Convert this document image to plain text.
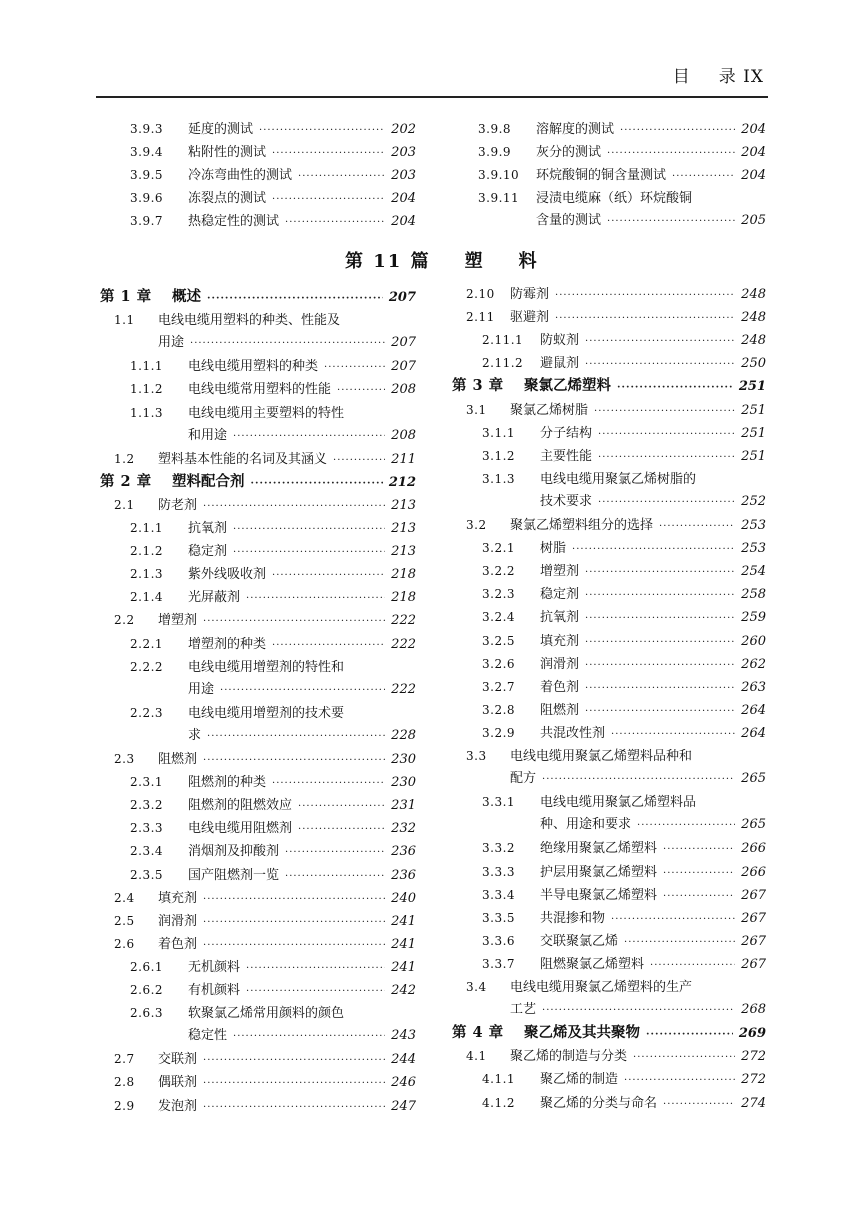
目 录 IX
第 11 篇 塑 料
3.9.3	延度的测试 ·····	202
3.9.4	粘附性的测试 ·····	203
3.9.5	冷冻弯曲性的测试 ·····	203
3.9.6	冻裂点的测试 ·····	204
3.9.7	热稳定性的测试 ·····	204
3.9.8	溶解度的测试 ·····	204
3.9.9	灰分的测试 ·····	204
3.9.10	环烷酸铜的铜含量测试 ·····	204
3.9.11	浸渍电缆麻（纸）环烷酸铜
含量的测试 ·····	205
第 1 章	概述 ·····	207
1.1	电线电缆用塑料的种类、性能及
用途 ·····	207
1.1.1	电线电缆用塑料的种类 ·····	207
1.1.2	电线电缆常用塑料的性能 ·····	208
1.1.3	电线电缆用主要塑料的特性
和用途 ·····	208
1.2	塑料基本性能的名词及其涵义 ·····	211
第 2 章	塑料配合剂 ·····	212
2.1	防老剂 ·····	213
2.1.1	抗氧剂 ·····	213
2.1.2	稳定剂 ·····	213
2.1.3	紫外线吸收剂 ·····	218
2.1.4	光屏蔽剂 ·····	218
2.2	增塑剂 ·····	222
2.2.1	增塑剂的种类 ·····	222
2.2.2	电线电缆用增塑剂的特性和
用途 ·····	222
2.2.3	电线电缆用增塑剂的技术要
求 ·····	228
2.3	阻燃剂 ·····	230
2.3.1	阻燃剂的种类 ·····	230
2.3.2	阻燃剂的阻燃效应 ·····	231
2.3.3	电线电缆用阻燃剂 ·····	232
2.3.4	消烟剂及抑酸剂 ·····	236
2.3.5	国产阻燃剂一览 ·····	236
2.4	填充剂 ·····	240
2.5	润滑剂 ·····	241
2.6	着色剂 ·····	241
2.6.1	无机颜料 ·····	241
2.6.2	有机颜料 ·····	242
2.6.3	软聚氯乙烯常用颜料的颜色
稳定性 ·····	243
2.7	交联剂 ·····	244
2.8	偶联剂 ·····	246
2.9	发泡剂 ·····	247
2.10	防霉剂 ·····	248
2.11	驱避剂 ·····	248
2.11.1	防蚁剂 ·····	248
2.11.2	避鼠剂 ·····	250
第 3 章	聚氯乙烯塑料 ·····	251
3.1	聚氯乙烯树脂 ·····	251
3.1.1	分子结构 ·····	251
3.1.2	主要性能 ·····	251
3.1.3	电线电缆用聚氯乙烯树脂的
技术要求 ·····	252
3.2	聚氯乙烯塑料组分的选择 ·····	253
3.2.1	树脂 ·····	253
3.2.2	增塑剂 ·····	254
3.2.3	稳定剂 ·····	258
3.2.4	抗氧剂 ·····	259
3.2.5	填充剂 ·····	260
3.2.6	润滑剂 ·····	262
3.2.7	着色剂 ·····	263
3.2.8	阻燃剂 ·····	264
3.2.9	共混改性剂 ·····	264
3.3	电线电缆用聚氯乙烯塑料品种和
配方 ·····	265
3.3.1	电线电缆用聚氯乙烯塑料品
种、用途和要求 ·····	265
3.3.2	绝缘用聚氯乙烯塑料 ·····	266
3.3.3	护层用聚氯乙烯塑料 ·····	266
3.3.4	半导电聚氯乙烯塑料 ·····	267
3.3.5	共混掺和物 ·····	267
3.3.6	交联聚氯乙烯 ·····	267
3.3.7	阻燃聚氯乙烯塑料 ·····	267
3.4	电线电缆用聚氯乙烯塑料的生产
工艺 ·····	268
第 4 章	聚乙烯及其共聚物 ·····	269
4.1	聚乙烯的制造与分类 ·····	272
4.1.1	聚乙烯的制造 ·····	272
4.1.2	聚乙烯的分类与命名 ·····	274
